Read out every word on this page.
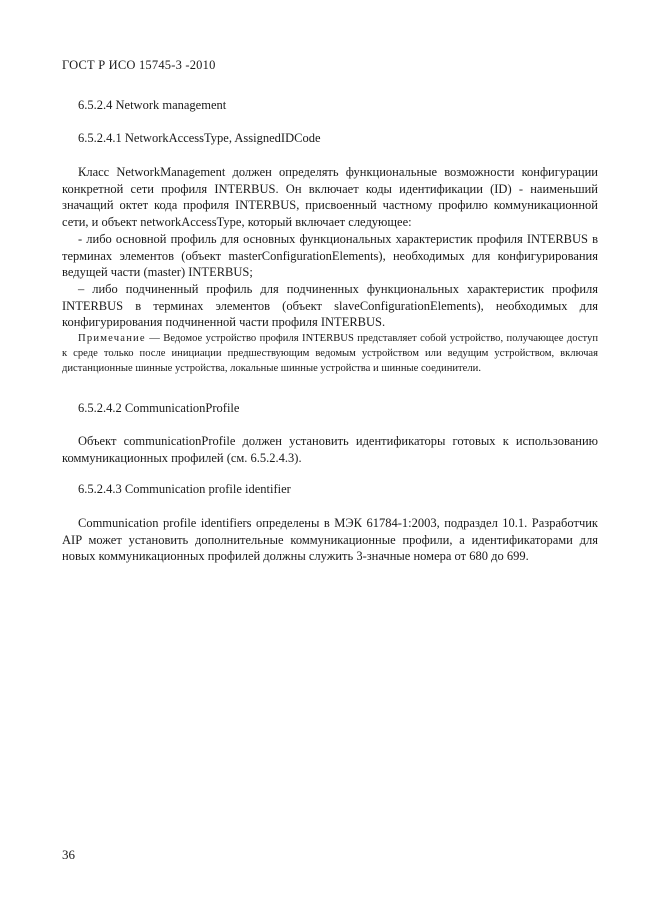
ГОСТ Р ИСО 15745-3 -2010
6.5.2.4 Network management
6.5.2.4.1 NetworkAccessType, AssignedIDCode

Класс NetworkManagement должен определять функциональные возможности конфигурации конкретной сети профиля INTERBUS. Он включает коды идентификации (ID) - наименьший значащий октет кода профиля INTERBUS, присвоенный частному профилю коммуникационной сети, и объект networkAccessType, который включает следующее:

- либо основной профиль для основных функциональных характеристик профиля INTERBUS в терминах элементов (объект masterConfigurationElements), необходимых для конфигурирования ведущей части (master) INTERBUS;

– либо подчиненный профиль для подчиненных функциональных характеристик профиля INTERBUS в терминах элементов (объект slaveConfigurationElements), необходимых для конфигурирования подчиненной части профиля INTERBUS.

Примечание — Ведомое устройство профиля INTERBUS представляет собой устройство, получающее доступ к среде только после инициации предшествующим ведомым устройством или ведущим устройством, включая дистанционные шинные устройства, локальные шинные устройства и шинные соединители.

6.5.2.4.2 CommunicationProfile

Объект communicationProfile должен установить идентификаторы готовых к использованию коммуникационных профилей (см. 6.5.2.4.3).

6.5.2.4.3 Communication profile identifier

Communication profile identifiers определены в МЭК 61784-1:2003, подраздел 10.1. Разработчик AIP может установить дополнительные коммуникационные профили, а идентификаторами для новых коммуникационных профилей должны служить 3-значные номера от 680 до 699.

36
